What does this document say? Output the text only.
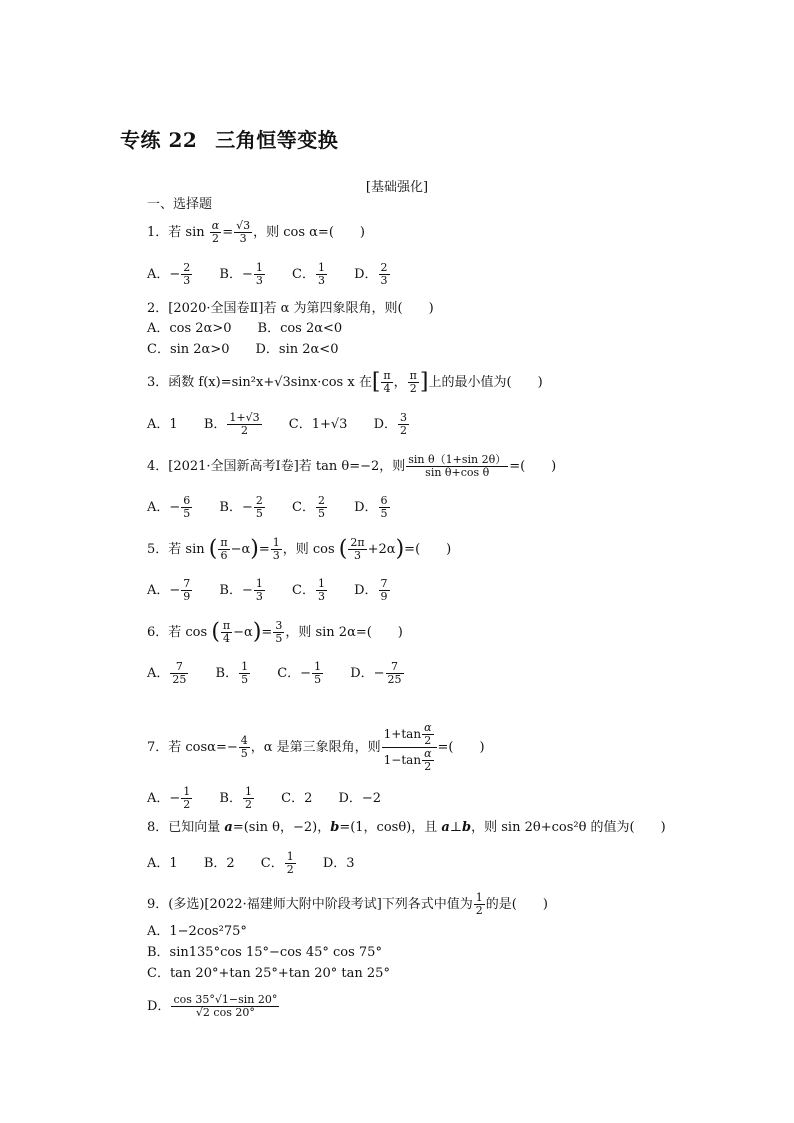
专练 22 三角恒等变换
[基础强化]
一、选择题
1．若 $\sin \frac{\alpha}{2} = \frac{√3}{3}$ ，则 cos α=(　　)
A．− $\frac{2}{3}$ B．− $\frac{1}{3}$ C． $\frac{1}{3}$ D． $\frac{2}{3}$
2．[2020·全国卷Ⅱ]若 α 为第四象限角，则(　　)
A．cos 2α>0　　B．cos 2α<0
C．sin 2α>0　　D．sin 2α<0
3．函数 f(x)=sin²x+√3sinx·cos x 在[ $\frac{\pi}{4}$ ， $\frac{\pi}{2}$ ]上的最小值为(　　)
A．1 B． $\frac{1+√3}{2}$ C．1+√3 D． $\frac{3}{2}$
4．[2021·全国新高考Ⅰ卷]若 tan θ=−2，则 $\frac{\text{sin θ（1+sin 2θ）}}{\text{sin θ+cos θ}}$ =(　　)
A．− $\frac{6}{5}$ B．− $\frac{2}{5}$ C． $\frac{2}{5}$ D． $\frac{6}{5}$
5．若 sin ( $\frac{\pi}{6} -\alpha)= \frac{1}{3}$ ，则 cos ( $\frac{2\pi}{3} +2\alpha)=$(　　)
A．− $\frac{7}{9}$ B．− $\frac{1}{3}$ C． $\frac{1}{3}$ D． $\frac{7}{9}$
6．若 cos ( $\frac{\pi}{4} -\alpha)= \frac{3}{5}$ ，则 sin 2α=(　　)
A． $\frac{7}{25}$ B． $\frac{1}{5}$ C．− $\frac{1}{5}$ D．− $\frac{7}{25}$
7．若 $\cos\alpha=- \frac{4}{5}$ ，α 是第三象限角，则 $\frac{1+\tan \frac{\alpha}{2}}{1-\tan \frac{\alpha}{2}}$ =(　　)
A．− $\frac{1}{2}$ B． $\frac{1}{2}$ C．2 D．−2
8．已知向量 a=(sin θ，−2)，b=(1，cosθ)，且 a⊥b，则 sin 2θ+cos²θ 的值为(　　)
A．1 B．2 C． $\frac{1}{2}$ D．3
9．(多选)[2022·福建师大附中阶段考试]下列各式中值为 $\frac{1}{2}$ 的是(　　)
A．1−2cos²75°
B．sin135°cos 15°−cos 45° cos 75°
C．tan 20°+tan 25°+tan 20° tan 25°
D． $\frac{\cos 35^\circ√1-\sin 20^\circ}{√2 \cos 20^\circ}$
